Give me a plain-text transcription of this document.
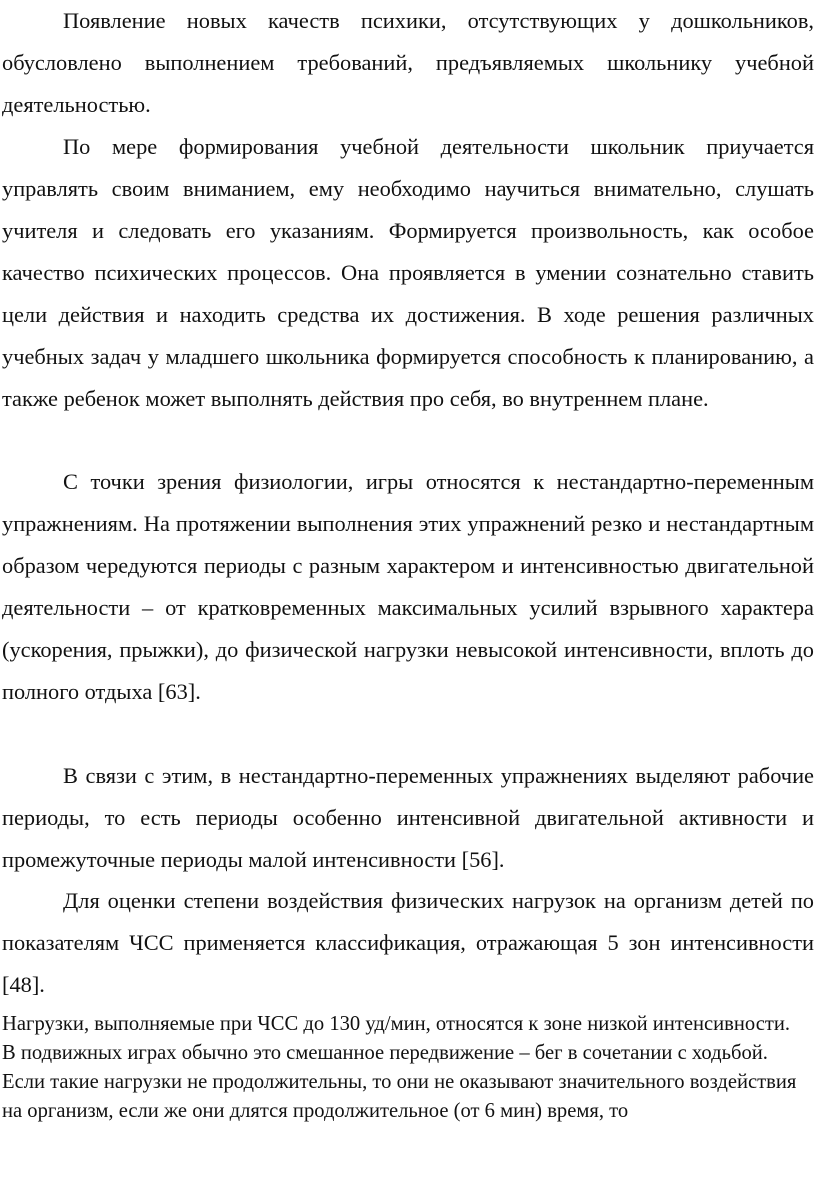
Появление новых качеств психики, отсутствующих у дошкольников, обусловлено выполнением требований, предъявляемых школьнику учебной деятельностью.

По мере формирования учебной деятельности школьник приучается управлять своим вниманием, ему необходимо научиться внимательно, слушать учителя и следовать его указаниям. Формируется произвольность, как особое качество психических процессов. Она проявляется в умении сознательно ставить цели действия и находить средства их достижения. В ходе решения различных учебных задач у младшего школьника формируется способность к планированию, а также ребенок может выполнять действия про себя, во внутреннем плане.

С точки зрения физиологии, игры относятся к нестандартно-переменным упражнениям. На протяжении выполнения этих упражнений резко и нестандартным образом чередуются периоды с разным характером и интенсивностью двигательной деятельности – от кратковременных максимальных усилий взрывного характера (ускорения, прыжки), до физической нагрузки невысокой интенсивности, вплоть до полного отдыха [63].

В связи с этим, в нестандартно-переменных упражнениях выделяют рабочие периоды, то есть периоды особенно интенсивной двигательной активности и промежуточные периоды малой интенсивности [56].

Для оценки степени воздействия физических нагрузок на организм детей по показателям ЧСС применяется классификация, отражающая 5 зон интенсивности [48].

Нагрузки, выполняемые при ЧСС до 130 уд/мин, относятся к зоне низкой интенсивности. В подвижных играх обычно это смешанное передвижение – бег в сочетании с ходьбой. Если такие нагрузки не продолжительны, то они не оказывают значительного воздействия на организм, если же они длятся продолжительное (от 6 мин) время, то
